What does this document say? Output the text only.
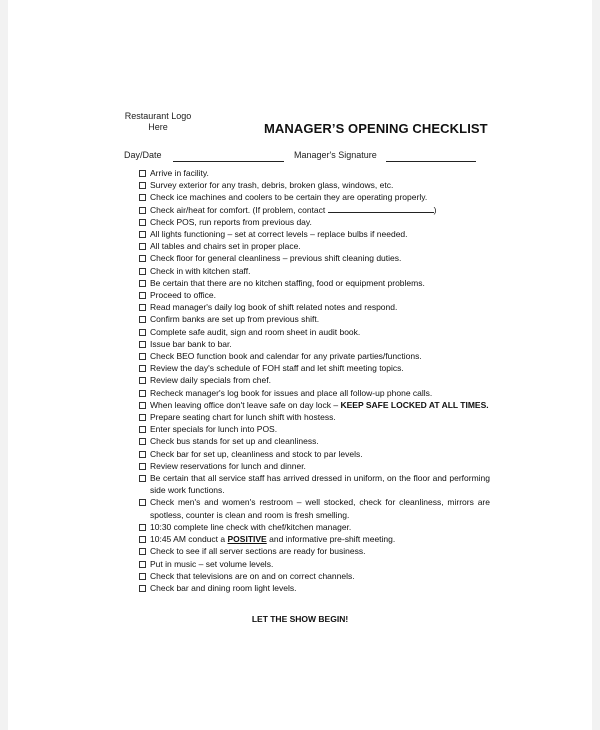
Restaurant Logo
Here	MANAGER’S OPENING CHECKLIST
Day/Date	Manager's Signature
Arrive in facility.
Survey exterior for any trash, debris, broken glass, windows, etc.
Check ice machines and coolers to be certain they are operating properly.
Check air/heat for comfort. (If problem, contact	)
Check POS, run reports from previous day.
All lights functioning – set at correct levels – replace bulbs if needed.
All tables and chairs set in proper place.
Check floor for general cleanliness – previous shift cleaning duties.
Check in with kitchen staff.
Be certain that there are no kitchen staffing, food or equipment problems.
Proceed to office.
Read manager's daily log book of shift related notes and respond.
Confirm banks are set up from previous shift.
Complete safe audit, sign and room sheet in audit book.
Issue bar bank to bar.
Check BEO function book and calendar for any private parties/functions.
Review the day's schedule of FOH staff and let shift meeting topics.
Review daily specials from chef.
Recheck manager's log book for issues and place all follow-up phone calls.
When leaving office don't leave safe on day lock – KEEP SAFE LOCKED AT ALL TIMES.
Prepare seating chart for lunch shift with hostess.
Enter specials for lunch into POS.
Check bus stands for set up and cleanliness.
Check bar for set up, cleanliness and stock to par levels.
Review reservations for lunch and dinner.
Be certain that all service staff has arrived dressed in uniform, on the floor and performing side work functions.
Check men's and women's restroom – well stocked, check for cleanliness, mirrors are spotless, counter is clean and room is fresh smelling.
10:30 complete line check with chef/kitchen manager.
10:45 AM conduct a POSITIVE and informative pre-shift meeting.
Check to see if all server sections are ready for business.
Put in music – set volume levels.
Check that televisions are on and on correct channels.
Check bar and dining room light levels.
LET THE SHOW BEGIN!
